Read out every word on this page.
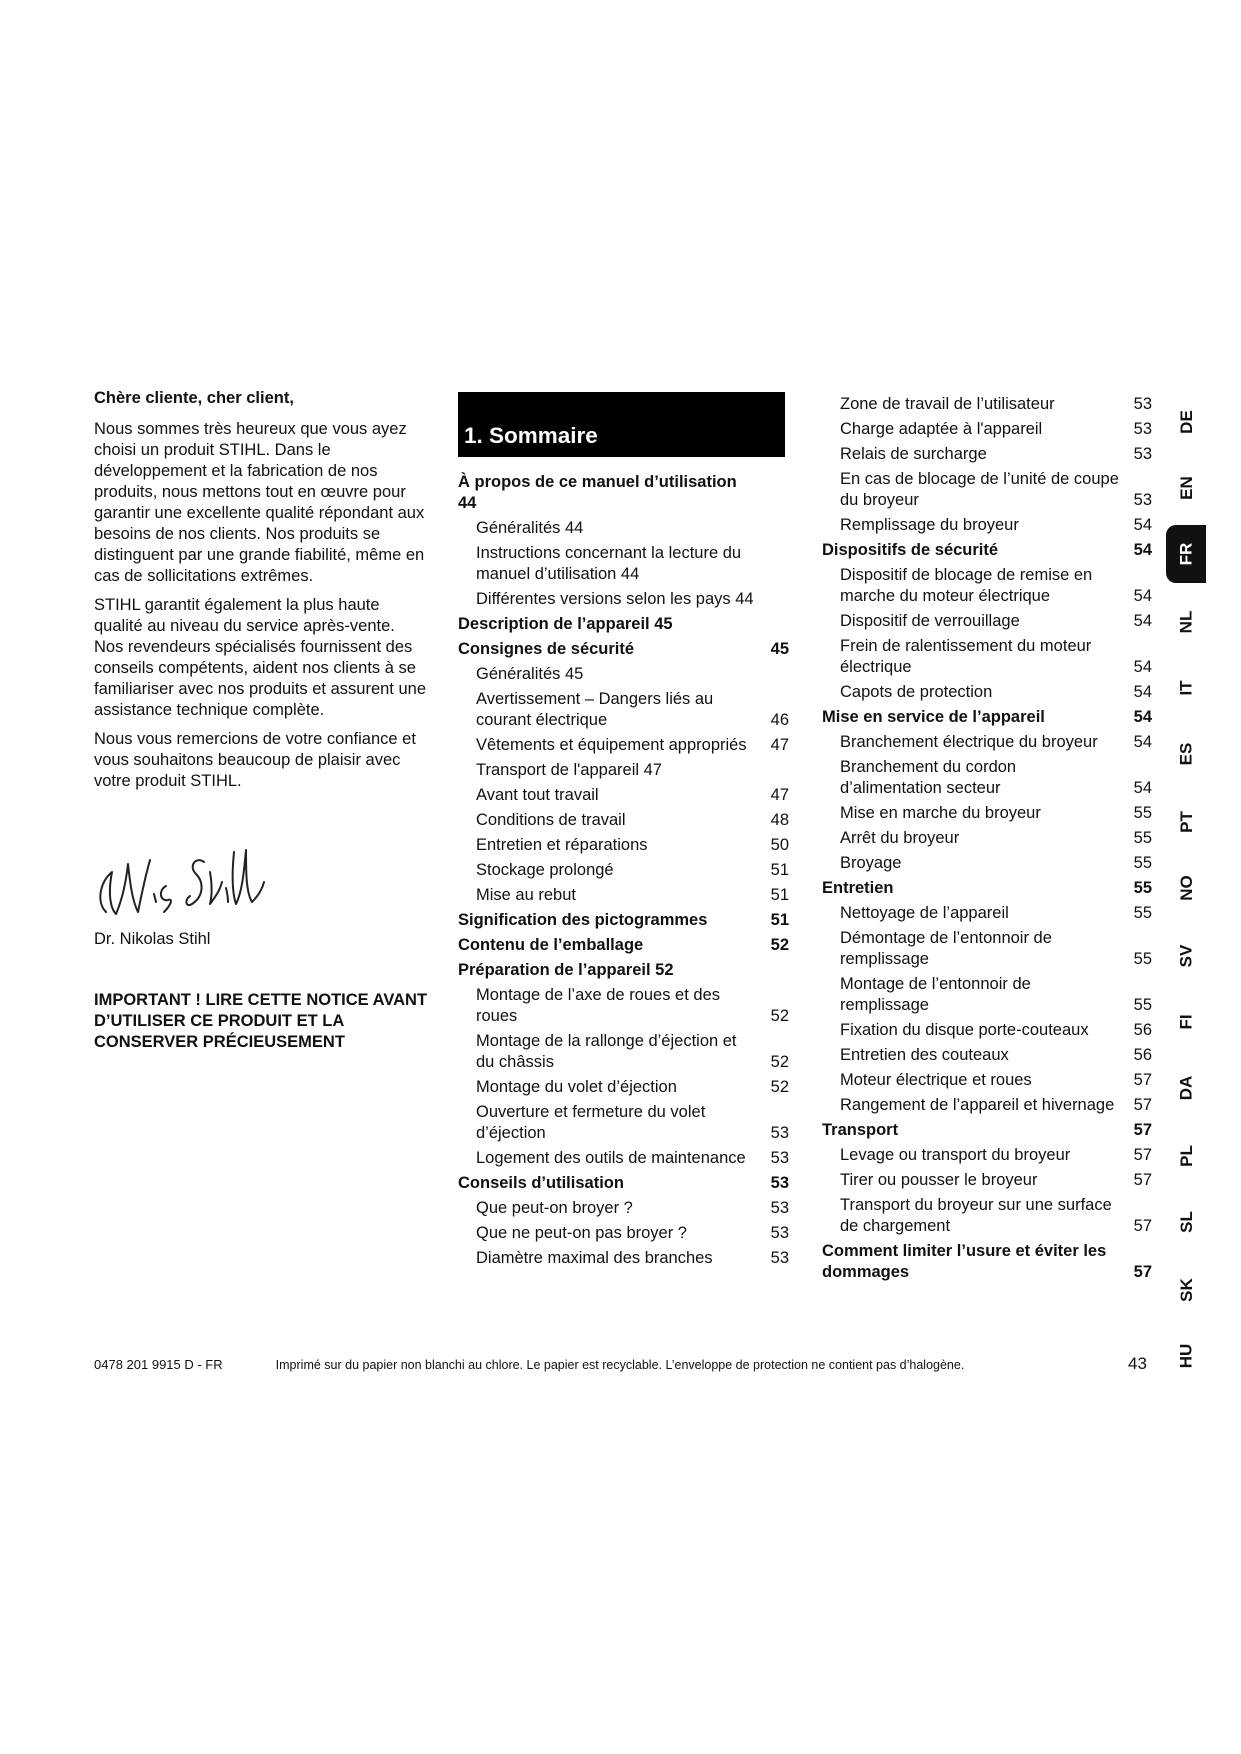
Chère cliente, cher client,

Nous sommes très heureux que vous ayez choisi un produit STIHL. Dans le développement et la fabrication de nos produits, nous mettons tout en œuvre pour garantir une excellente qualité répondant aux besoins de nos clients. Nos produits se distinguent par une grande fiabilité, même en cas de sollicitations extrêmes.

STIHL garantit également la plus haute qualité au niveau du service après-vente. Nos revendeurs spécialisés fournissent des conseils compétents, aident nos clients à se familiariser avec nos produits et assurent une assistance technique complète.

Nous vous remercions de votre confiance et vous souhaitons beaucoup de plaisir avec votre produit STIHL.

Dr. Nikolas Stihl
IMPORTANT ! LIRE CETTE NOTICE AVANT D’UTILISER CE PRODUIT ET LA CONSERVER PRÉCIEUSEMENT
1. Sommaire
À propos de ce manuel d’utilisation 44
Généralités 44
Instructions concernant la lecture du manuel d’utilisation 44
Différentes versions selon les pays 44
Description de l’appareil 45
Consignes de sécurité	45
Généralités 45
Avertissement – Dangers liés au courant électrique	46
Vêtements et équipement appropriés	47
Transport de l'appareil 47
Avant tout travail	47
Conditions de travail	48
Entretien et réparations	50
Stockage prolongé	51
Mise au rebut	51
Signification des pictogrammes	51
Contenu de l’emballage	52
Préparation de l’appareil 52
Montage de l’axe de roues et des roues	52
Montage de la rallonge d’éjection et du châssis	52
Montage du volet d’éjection	52
Ouverture et fermeture du volet d’éjection	53
Logement des outils de maintenance	53
Conseils d’utilisation	53
Que peut-on broyer ?	53
Que ne peut-on pas broyer ?	53
Diamètre maximal des branches	53
Zone de travail de l’utilisateur	53
Charge adaptée à l'appareil	53
Relais de surcharge	53
En cas de blocage de l’unité de coupe du broyeur	53
Remplissage du broyeur	54
Dispositifs de sécurité	54
Dispositif de blocage de remise en marche du moteur électrique	54
Dispositif de verrouillage	54
Frein de ralentissement du moteur électrique	54
Capots de protection	54
Mise en service de l’appareil	54
Branchement électrique du broyeur	54
Branchement du cordon d’alimentation secteur	54
Mise en marche du broyeur	55
Arrêt du broyeur	55
Broyage	55
Entretien	55
Nettoyage de l’appareil	55
Démontage de l’entonnoir de remplissage	55
Montage de l’entonnoir de remplissage	55
Fixation du disque porte-couteaux	56
Entretien des couteaux	56
Moteur électrique et roues	57
Rangement de l’appareil et hivernage	57
Transport	57
Levage ou transport du broyeur	57
Tirer ou pousser le broyeur	57
Transport du broyeur sur une surface de chargement	57
Comment limiter l’usure et éviter les dommages	57
DE
EN
FR
NL
IT
ES
PT
NO
SV
FI
DA
PL
SL
SK
HU
0478 201 9915 D - FR	Imprimé sur du papier non blanchi au chlore. Le papier est recyclable. L’enveloppe de protection ne contient pas d’halogène.	43
